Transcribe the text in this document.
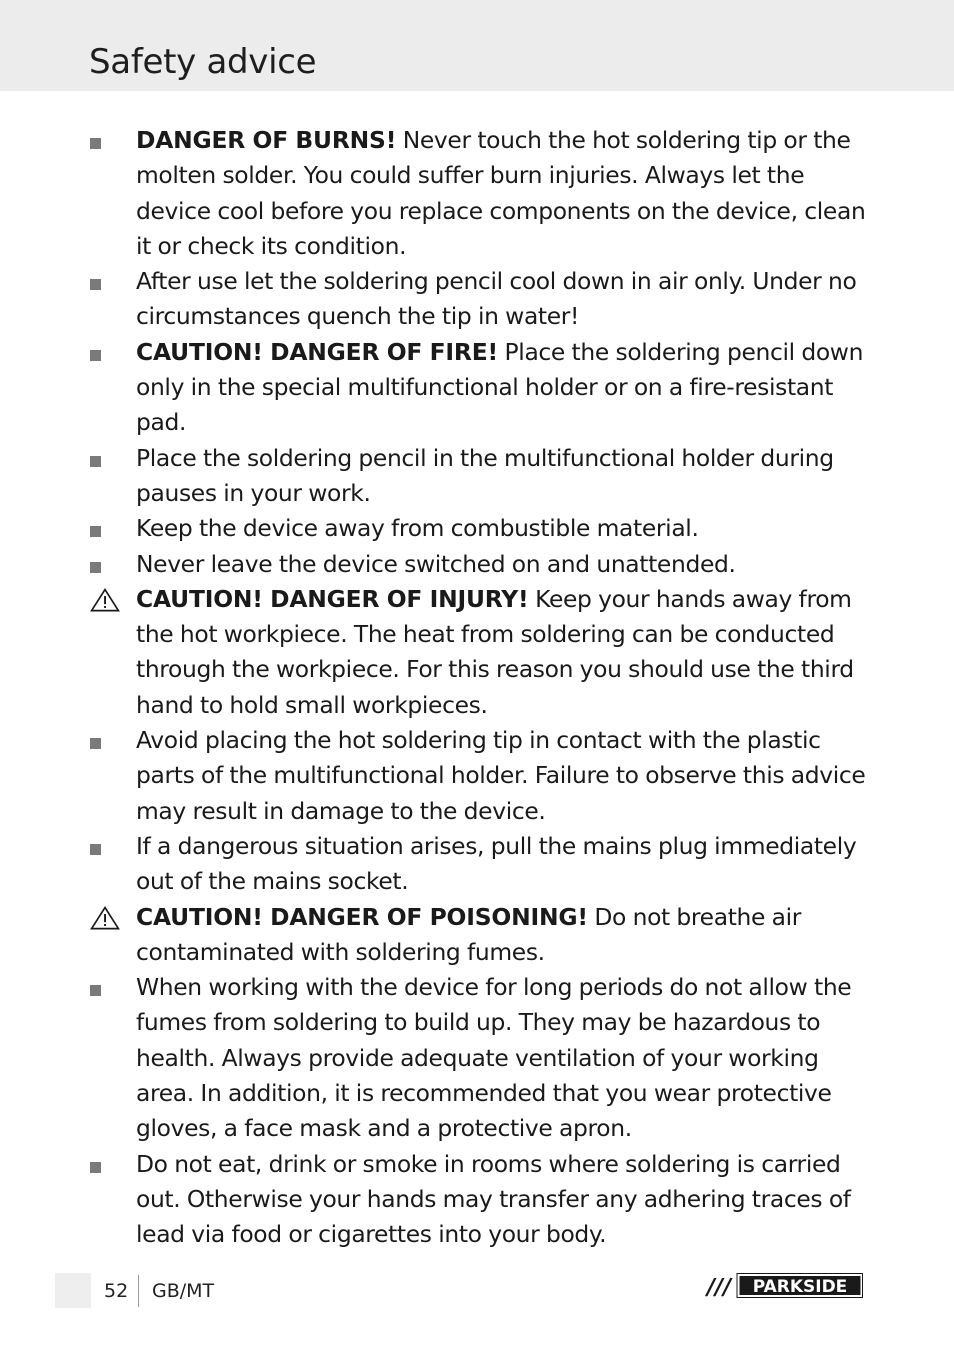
Safety advice
DANGER OF BURNS! Never touch the hot soldering tip or the molten solder. You could suffer burn injuries. Always let the device cool before you replace components on the device, clean it or check its condition.
After use let the soldering pencil cool down in air only. Under no circumstances quench the tip in water!
CAUTION! DANGER OF FIRE! Place the soldering pencil down only in the special multifunctional holder or on a fire-resistant pad.
Place the soldering pencil in the multifunctional holder during pauses in your work.
Keep the device away from combustible material.
Never leave the device switched on and unattended.
CAUTION! DANGER OF INJURY! Keep your hands away from the hot workpiece. The heat from soldering can be conducted through the workpiece. For this reason you should use the third hand to hold small workpieces.
Avoid placing the hot soldering tip in contact with the plastic parts of the multifunctional holder. Failure to observe this advice may result in damage to the device.
If a dangerous situation arises, pull the mains plug immediately out of the mains socket.
CAUTION! DANGER OF POISONING! Do not breathe air contaminated with soldering fumes.
When working with the device for long periods do not allow the fumes from soldering to build up. They may be hazardous to health. Always provide adequate ventilation of your working area. In addition, it is recommended that you wear protective gloves, a face mask and a protective apron.
Do not eat, drink or smoke in rooms where soldering is carried out. Otherwise your hands may transfer any adhering traces of lead via food or cigarettes into your body.
52 GB/MT	/// PARKSIDE
